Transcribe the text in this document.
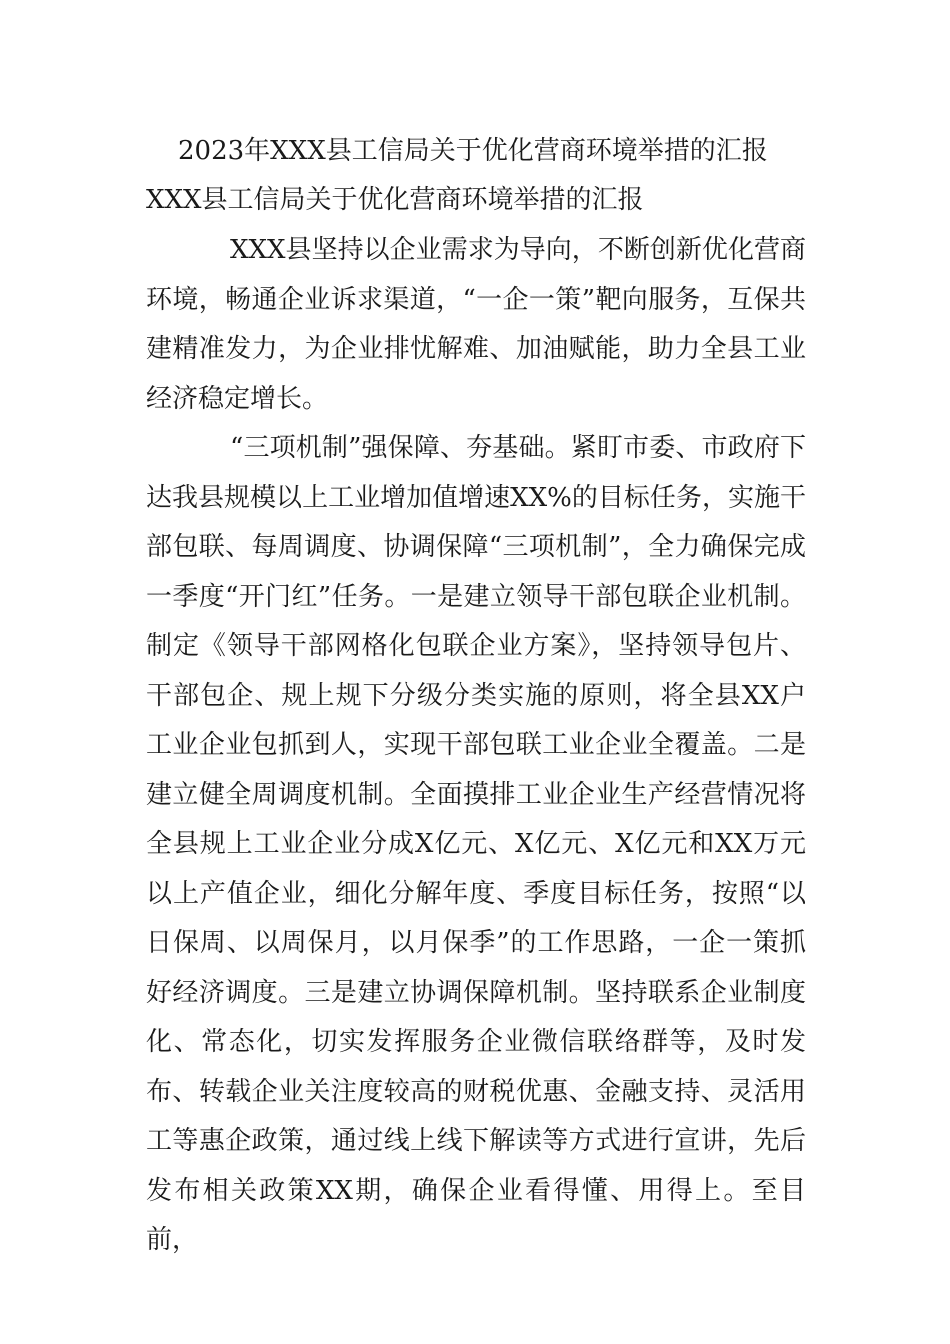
2023年XXX县工信局关于优化营商环境举措的汇报
XXX县工信局关于优化营商环境举措的汇报

XXX县坚持以企业需求为导向，不断创新优化营商环境，畅通企业诉求渠道，“一企一策”靶向服务，互保共建精准发力，为企业排忧解难、加油赋能，助力全县工业经济稳定增长。

“三项机制”强保障、夯基础。紧盯市委、市政府下达我县规模以上工业增加值增速XX%的目标任务，实施干部包联、每周调度、协调保障“三项机制”，全力确保完成一季度“开门红”任务。一是建立领导干部包联企业机制。制定《领导干部网格化包联企业方案》，坚持领导包片、干部包企、规上规下分级分类实施的原则，将全县XX户工业企业包抓到人，实现干部包联工业企业全覆盖。二是建立健全周调度机制。全面摸排工业企业生产经营情况将全县规上工业企业分成X亿元、X亿元、X亿元和XX万元以上产值企业，细化分解年度、季度目标任务，按照“以日保周、以周保月，以月保季”的工作思路，一企一策抓好经济调度。三是建立协调保障机制。坚持联系企业制度化、常态化，切实发挥服务企业微信联络群等，及时发布、转载企业关注度较高的财税优惠、金融支持、灵活用工等惠企政策，通过线上线下解读等方式进行宣讲，先后发布相关政策XX期，确保企业看得懂、用得上。至目前，
